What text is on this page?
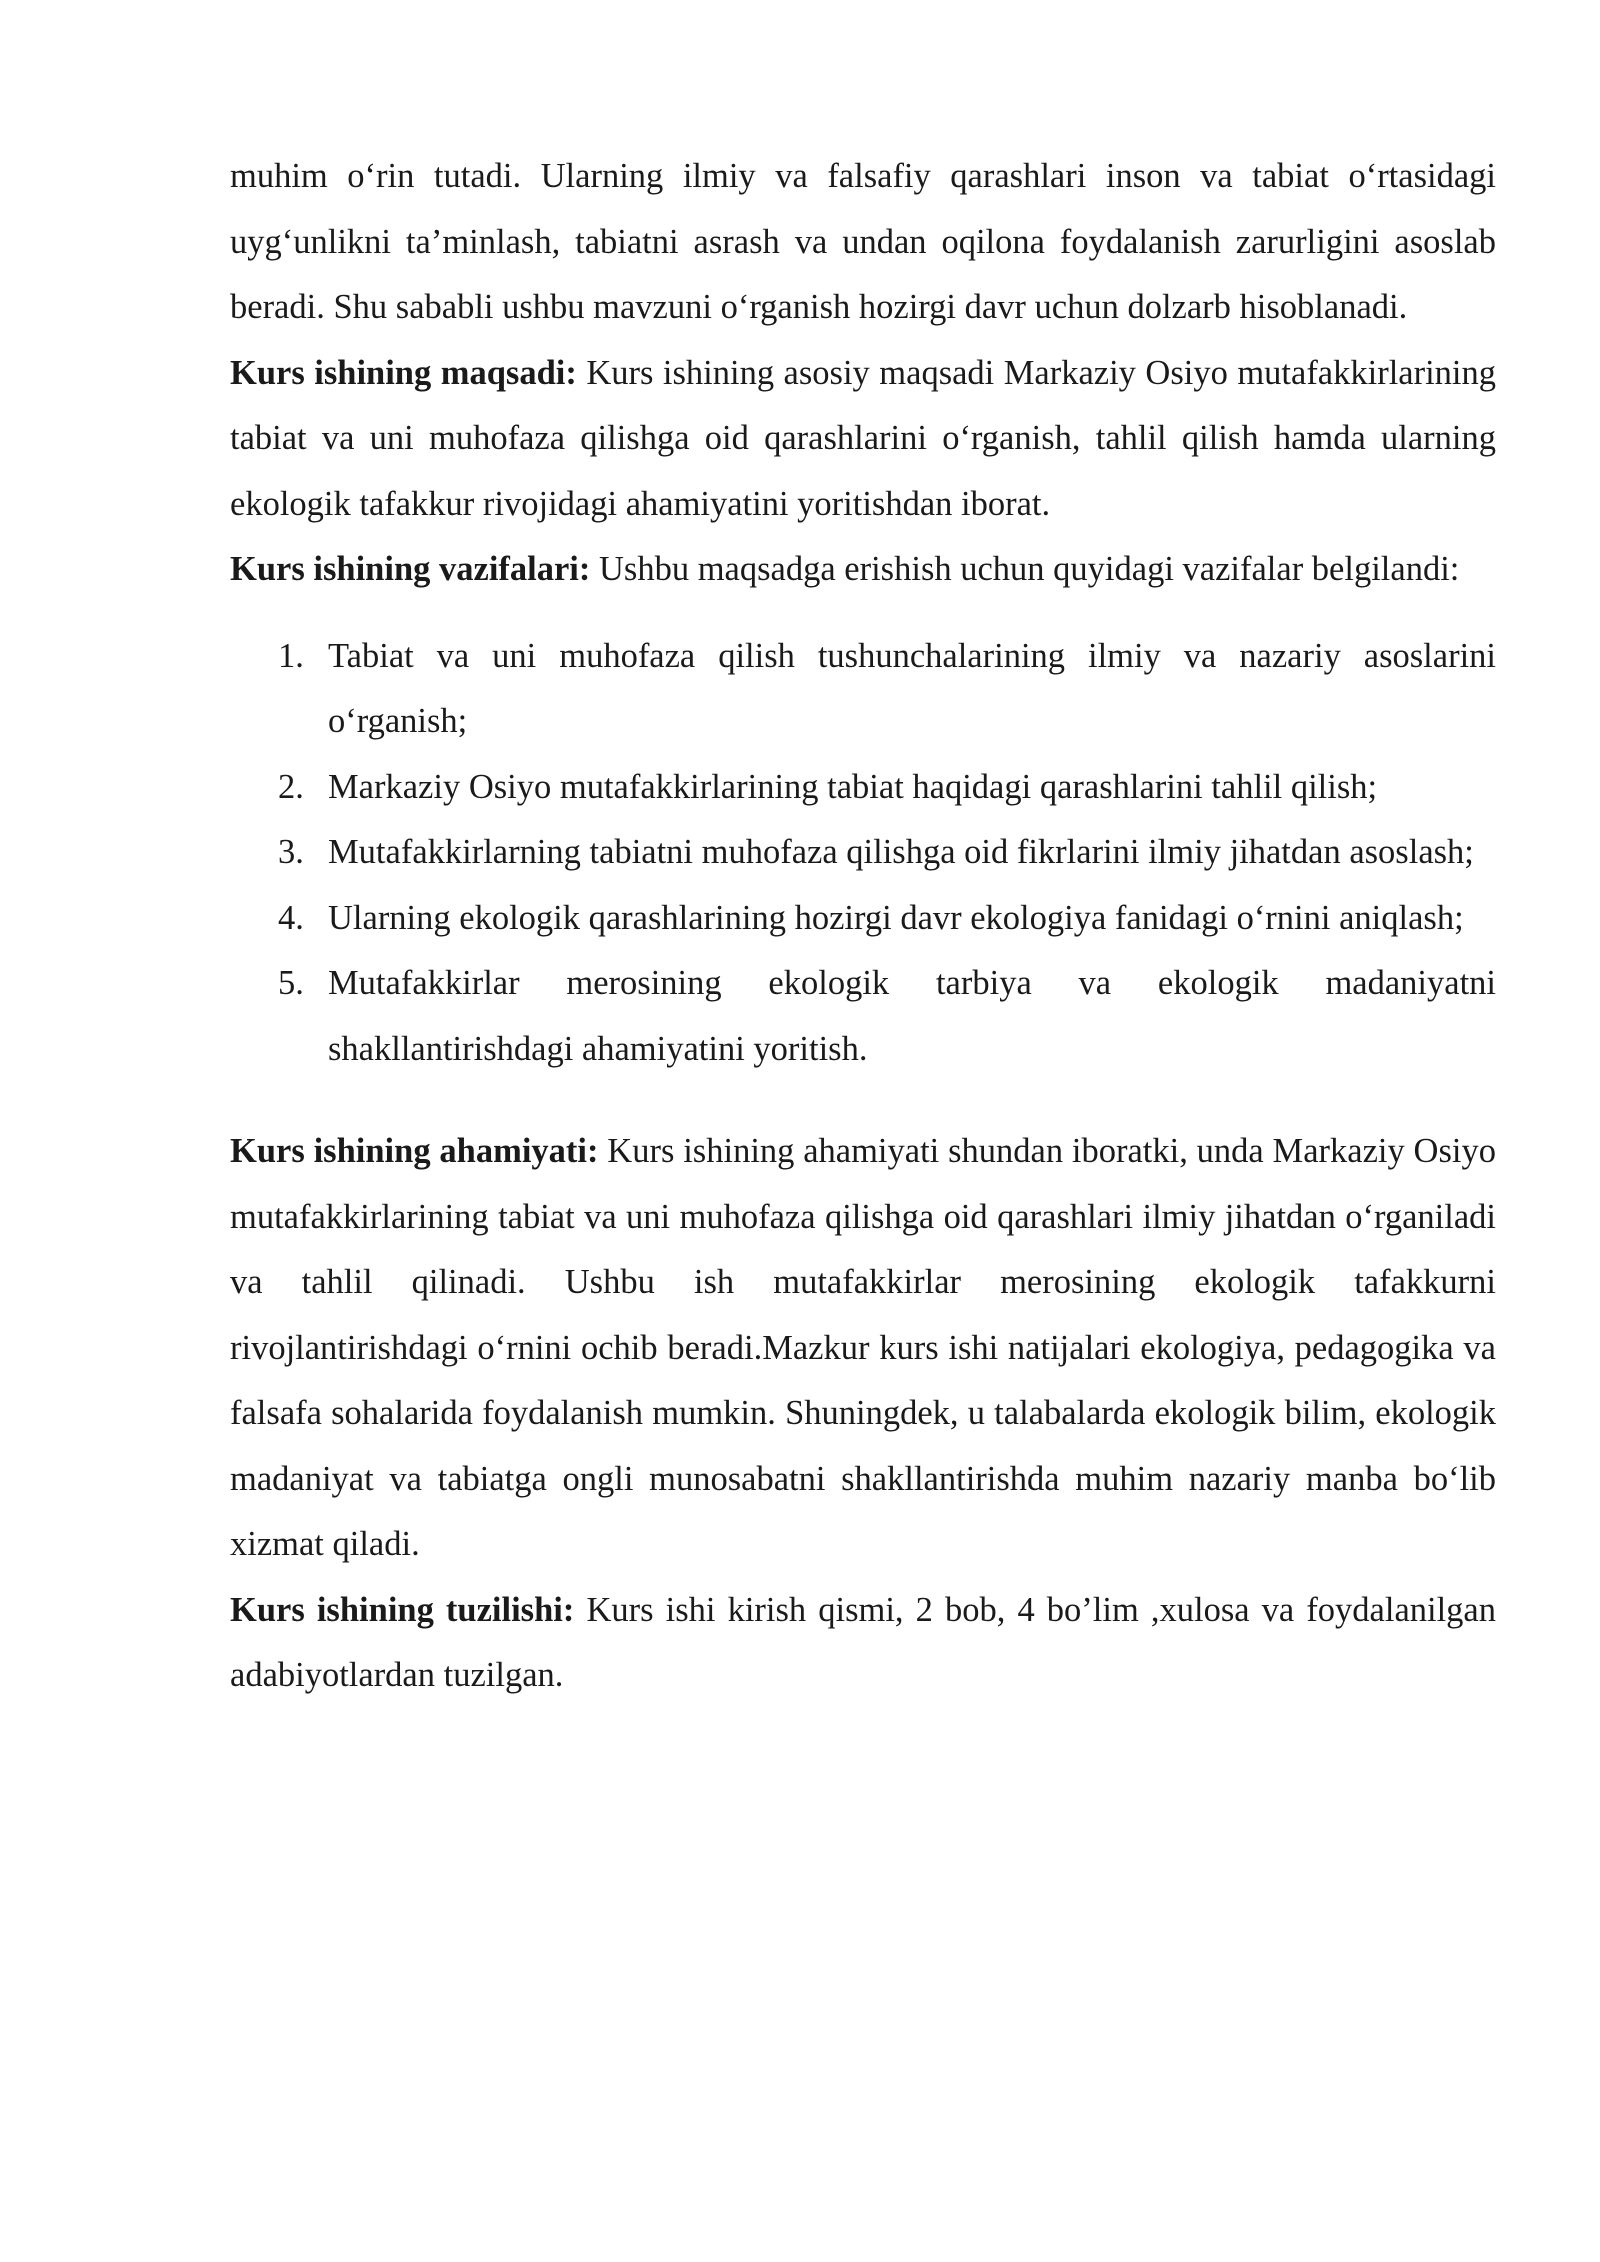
muhim o‘rin tutadi. Ularning ilmiy va falsafiy qarashlari inson va tabiat o‘rtasidagi uyg‘unlikni ta’minlash, tabiatni asrash va undan oqilona foydalanish zarurligini asoslab beradi. Shu sababli ushbu mavzuni o‘rganish hozirgi davr uchun dolzarb hisoblanadi.

Kurs ishining maqsadi: Kurs ishining asosiy maqsadi Markaziy Osiyo mutafakkirlarining tabiat va uni muhofaza qilishga oid qarashlarini o‘rganish, tahlil qilish hamda ularning ekologik tafakkur rivojidagi ahamiyatini yoritishdan iborat.

Kurs ishining vazifalari: Ushbu maqsadga erishish uchun quyidagi vazifalar belgilandi:

1. Tabiat va uni muhofaza qilish tushunchalarining ilmiy va nazariy asoslarini o‘rganish;
2. Markaziy Osiyo mutafakkirlarining tabiat haqidagi qarashlarini tahlil qilish;
3. Mutafakkirlarning tabiatni muhofaza qilishga oid fikrlarini ilmiy jihatdan asoslash;
4. Ularning ekologik qarashlarining hozirgi davr ekologiya fanidagi o‘rnini aniqlash;
5. Mutafakkirlar merosining ekologik tarbiya va ekologik madaniyatni shakllantirishdagi ahamiyatini yoritish.

Kurs ishining ahamiyati: Kurs ishining ahamiyati shundan iboratki, unda Markaziy Osiyo mutafakkirlarining tabiat va uni muhofaza qilishga oid qarashlari ilmiy jihatdan o‘rganiladi va tahlil qilinadi. Ushbu ish mutafakkirlar merosining ekologik tafakkurni rivojlantirishdagi o‘rnini ochib beradi.Mazkur kurs ishi natijalari ekologiya, pedagogika va falsafa sohalarida foydalanish mumkin. Shuningdek, u talabalarda ekologik bilim, ekologik madaniyat va tabiatga ongli munosabatni shakllantirishda muhim nazariy manba bo‘lib xizmat qiladi.

Kurs ishining tuzilishi: Kurs ishi kirish qismi, 2 bob, 4 bo’lim ,xulosa va foydalanilgan adabiyotlardan tuzilgan.
